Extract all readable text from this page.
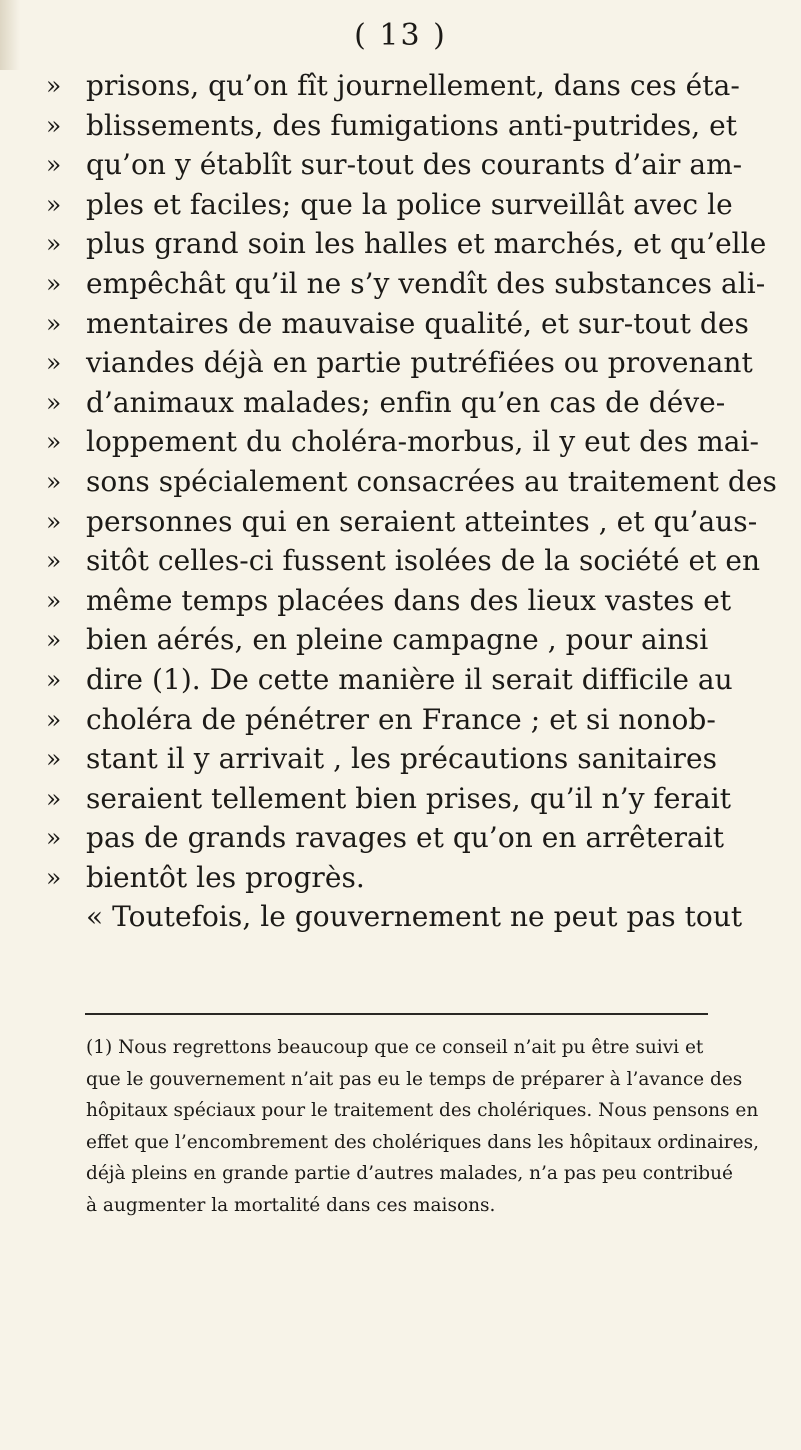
( 13 )
» prisons, qu’on fît journellement, dans ces éta-
» blissements, des fumigations anti-putrides, et
» qu’on y établît sur-tout des courants d’air am-
» ples et faciles; que la police surveillât avec le
» plus grand soin les halles et marchés, et qu’elle
» empêchât qu’il ne s’y vendît des substances ali-
» mentaires de mauvaise qualité, et sur-tout des
» viandes déjà en partie putréfiées ou provenant
» d’animaux malades; enfin qu’en cas de déve-
» loppement du choléra-morbus, il y eut des mai-
» sons spécialement consacrées au traitement des
» personnes qui en seraient atteintes , et qu’aus-
» sitôt celles-ci fussent isolées de la société et en
» même temps placées dans des lieux vastes et
» bien aérés, en pleine campagne , pour ainsi
» dire (1). De cette manière il serait difficile au
» choléra de pénétrer en France ; et si nonob-
» stant il y arrivait , les précautions sanitaires
» seraient tellement bien prises, qu’il n’y ferait
» pas de grands ravages et qu’on en arrêterait
» bientôt les progrès.
« Toutefois, le gouvernement ne peut pas tout
(1) Nous regrettons beaucoup que ce conseil n’ait pu être suivi et
que le gouvernement n’ait pas eu le temps de préparer à l’avance des
hôpitaux spéciaux pour le traitement des cholériques. Nous pensons en
effet que l’encombrement des cholériques dans les hôpitaux ordinaires,
déjà pleins en grande partie d’autres malades, n’a pas peu contribué
à augmenter la mortalité dans ces maisons.
